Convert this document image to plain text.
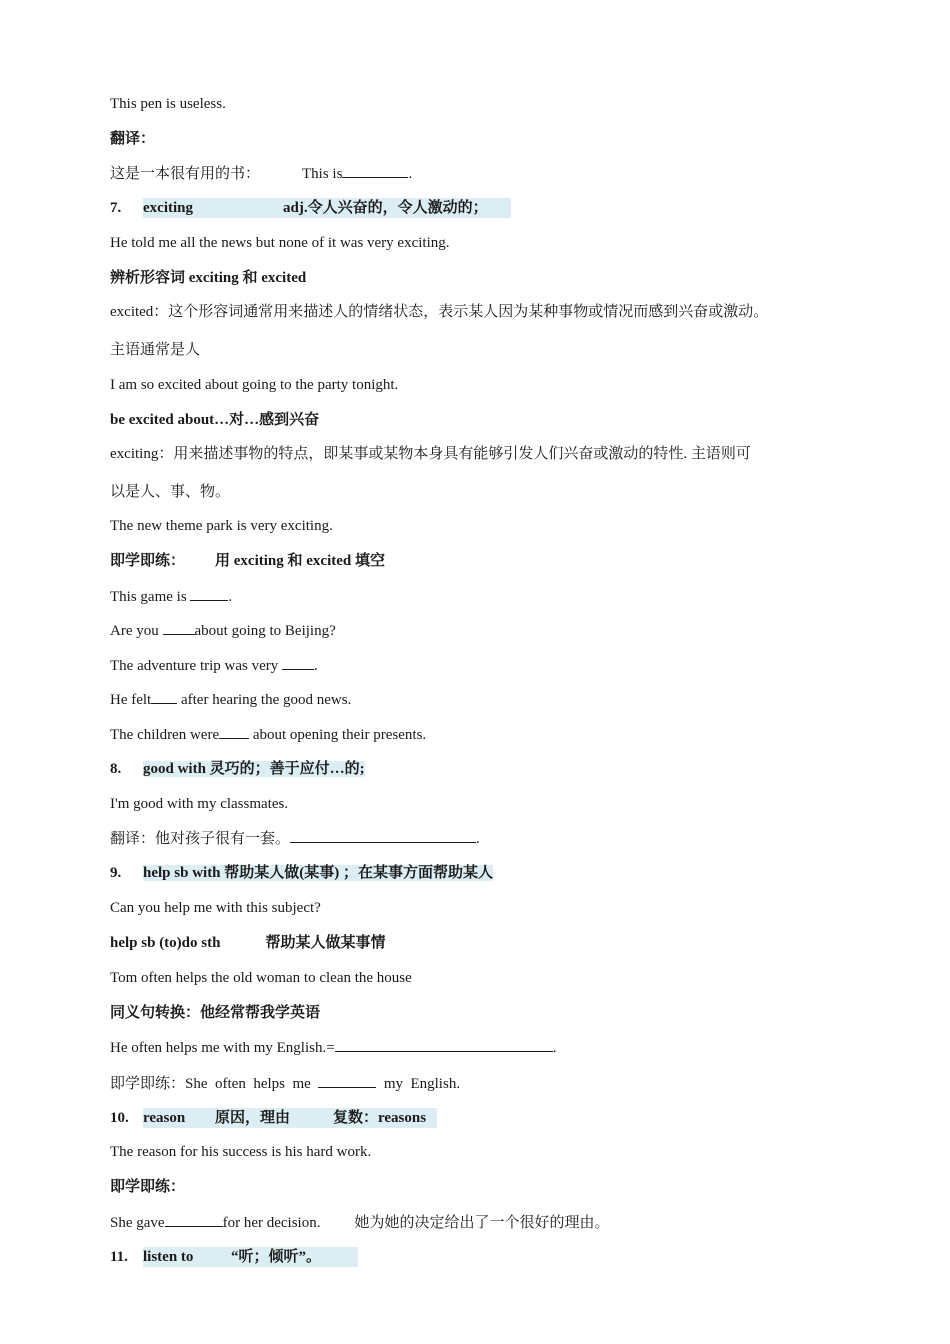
This pen is useless.
翻译：
这是一本很有用的书：	This is	.
7. exciting	adj.令人兴奋的，令人激动的；
He told me all the news but none of it was very exciting.
辨析形容词 exciting 和 excited
excited：这个形容词通常用来描述人的情绪状态，表示某人因为某种事物或情况而感到兴奋或激动。
主语通常是人
I am so excited about going to the party tonight.
be excited about…对…感到兴奋
exciting：用来描述事物的特点，即某事或某物本身具有能够引发人们兴奋或激动的特性. 主语则可
以是人、事、物。
The new theme park is very exciting.
即学即练： 用 exciting 和 excited 填空
This game is	.
Are you about going to Beijing?
The adventure trip was very .
He felt after hearing the good news.
The children were about opening their presents.
8. good with 灵巧的；善于应付…的;
I'm good with my classmates.
翻译：他对孩子很有一套。	.
9. help sb with 帮助某人做(某事) ；在某事方面帮助某人
Can you help me with this subject?
help sb (to)do sth	帮助某人做某事情
Tom often helps the old woman to clean the house
同义句转换：他经常帮我学英语
He often helps me with my English.=	.
即学即练：She  often  helps  me	my  English.
10. reason 原因，理由	复数：reasons
The reason for his success is his hard work.
即学即练：
She gave	for her decision. 她为她的决定给出了一个很好的理由。
11. listen to	“听；倾听”。
